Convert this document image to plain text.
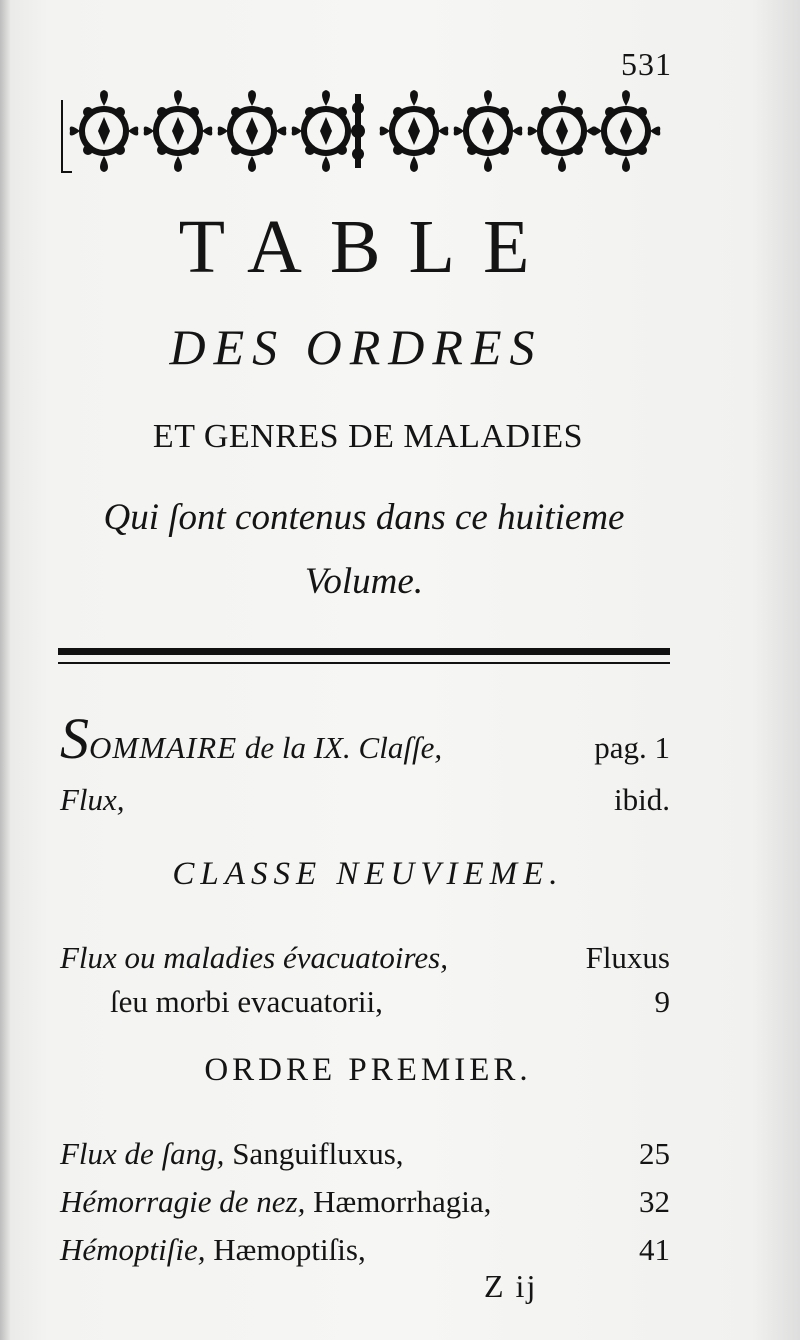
531
TABLE
DES ORDRES
ET GENRES DE MALADIES
Qui ſont contenus dans ce huitieme
Volume.
SOMMAIRE de la IX. Claſſe,	pag. 1
Flux,	ibid.
CLASSE NEUVIEME.
Flux ou maladies évacuatoires,	Fluxus
ſeu morbi evacuatorii,	9
ORDRE PREMIER.
Flux de ſang, Sanguifluxus,	25
Hémorragie de nez, Hæmorrhagia,	32
Hémoptiſie, Hæmoptiſis,	41
Z ij
